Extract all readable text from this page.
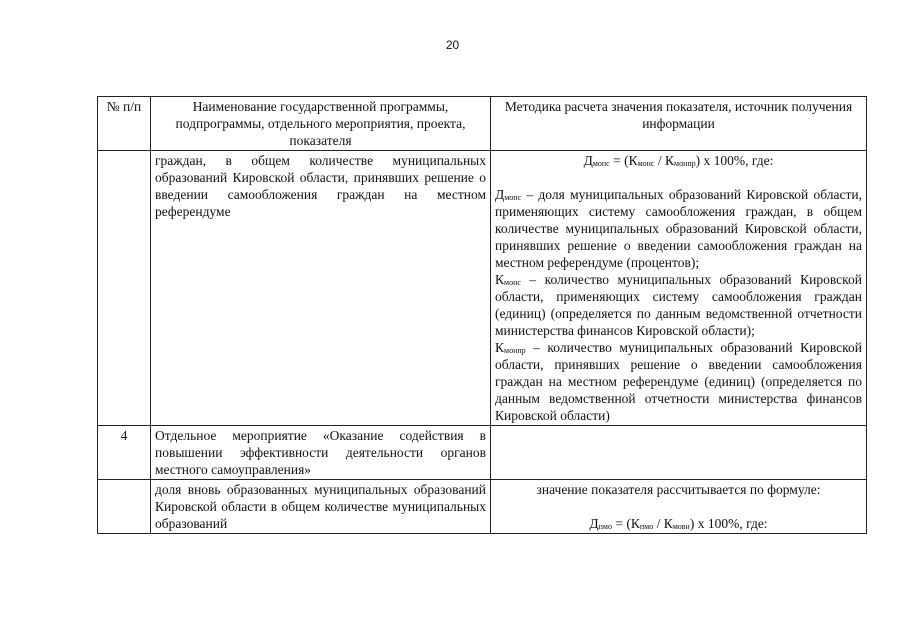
20
№ п/п	Наименование государственной программы, подпрограммы, отдельного мероприятия, проекта, показателя	Методика расчета значения показателя, источник получения информации
	граждан, в общем количестве муниципальных образований Кировской области, принявших решение о введении самообложения граждан на местном референдуме	$Д_{мопс} = (К_{монс} / К_{монпр})$ x 100%, где:
$Д_{мопс}$ – доля муниципальных образований Кировской области, применяющих систему самообложения граждан, в общем количестве муниципальных образований Кировской области, принявших решение о введении самообложения граждан на местном референдуме (процентов);
$К_{монс}$ – количество муниципальных образований Кировской области, применяющих систему самообложения граждан (единиц) (определяется по данным ведомственной отчетности министерства финансов Кировской области);
$К_{монпр}$ – количество муниципальных образований Кировской области, принявших решение о введении самообложения граждан на местном референдуме (единиц) (определяется по данным ведомственной отчетности министерства финансов Кировской области)

4	Отдельное мероприятие «Оказание содействия в повышении эффективности деятельности органов местного самоуправления»	
	доля вновь образованных муниципальных образований Кировской области в общем количестве муниципальных образований	значение показателя рассчитывается по формуле:
$Д_{пмо} = (К_{пмо} / К_{мовн})$ x 100%, где:
